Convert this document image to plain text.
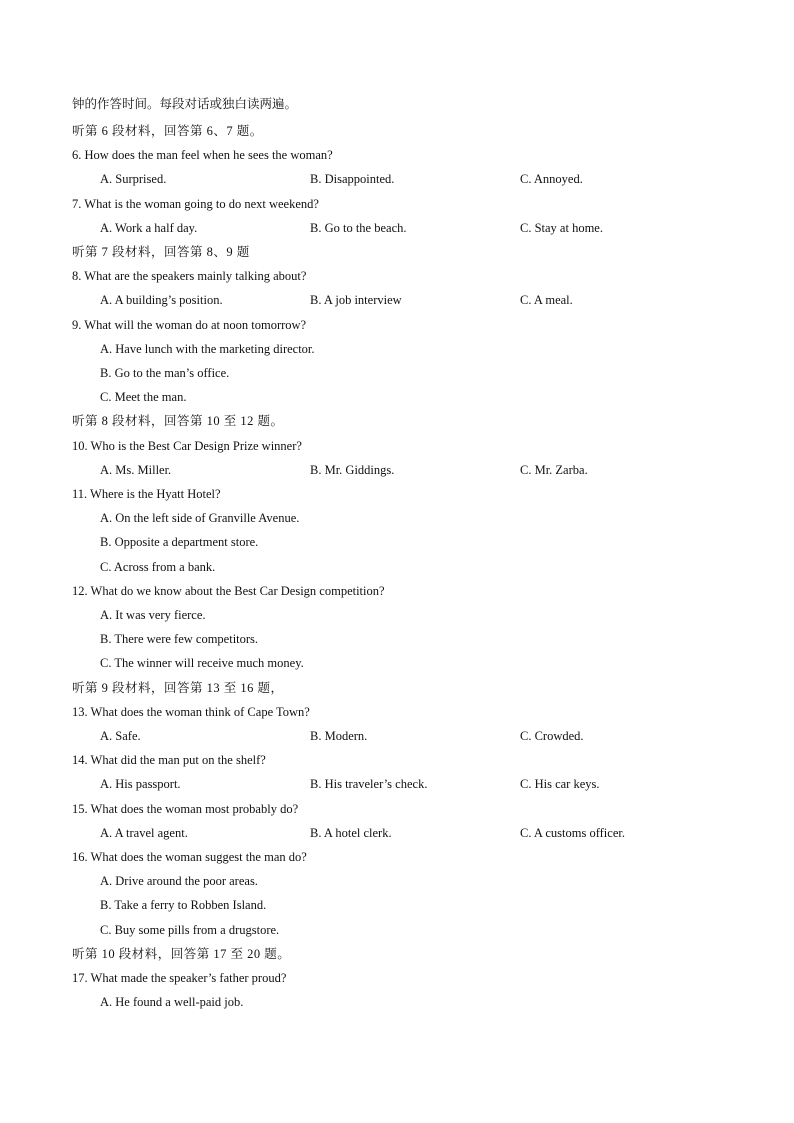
钟的作答时间。每段对话或独白读两遍。
听第 6 段材料，回答第 6、7 题。
6. How does the man feel when he sees the woman?
A. Surprised.	B. Disappointed.	C. Annoyed.
7. What is the woman going to do next weekend?
A. Work a half day.	B. Go to the beach.	C. Stay at home.
听第 7 段材料，回答第 8、9 题
8. What are the speakers mainly talking about?
A. A building’s position.	B. A job interview	C. A meal.
9. What will the woman do at noon tomorrow?
A. Have lunch with the marketing director.
B. Go to the man’s office.
C. Meet the man.
听第 8 段材料，回答第 10 至 12 题。
10. Who is the Best Car Design Prize winner?
A. Ms. Miller.	B. Mr. Giddings.	C. Mr. Zarba.
11. Where is the Hyatt Hotel?
A. On the left side of Granville Avenue.
B. Opposite a department store.
C. Across from a bank.
12. What do we know about the Best Car Design competition?
A. It was very fierce.
B. There were few competitors.
C. The winner will receive much money.
听第 9 段材料，回答第 13 至 16 题，
13. What does the woman think of Cape Town?
A. Safe.	B. Modern.	C. Crowded.
14. What did the man put on the shelf?
A. His passport.	B. His traveler’s check.	C. His car keys.
15. What does the woman most probably do?
A. A travel agent.	B. A hotel clerk.	C. A customs officer.
16. What does the woman suggest the man do?
A. Drive around the poor areas.
B. Take a ferry to Robben Island.
C. Buy some pills from a drugstore.
听第 10 段材料，回答第 17 至 20 题。
17. What made the speaker’s father proud?
A. He found a well-paid job.
